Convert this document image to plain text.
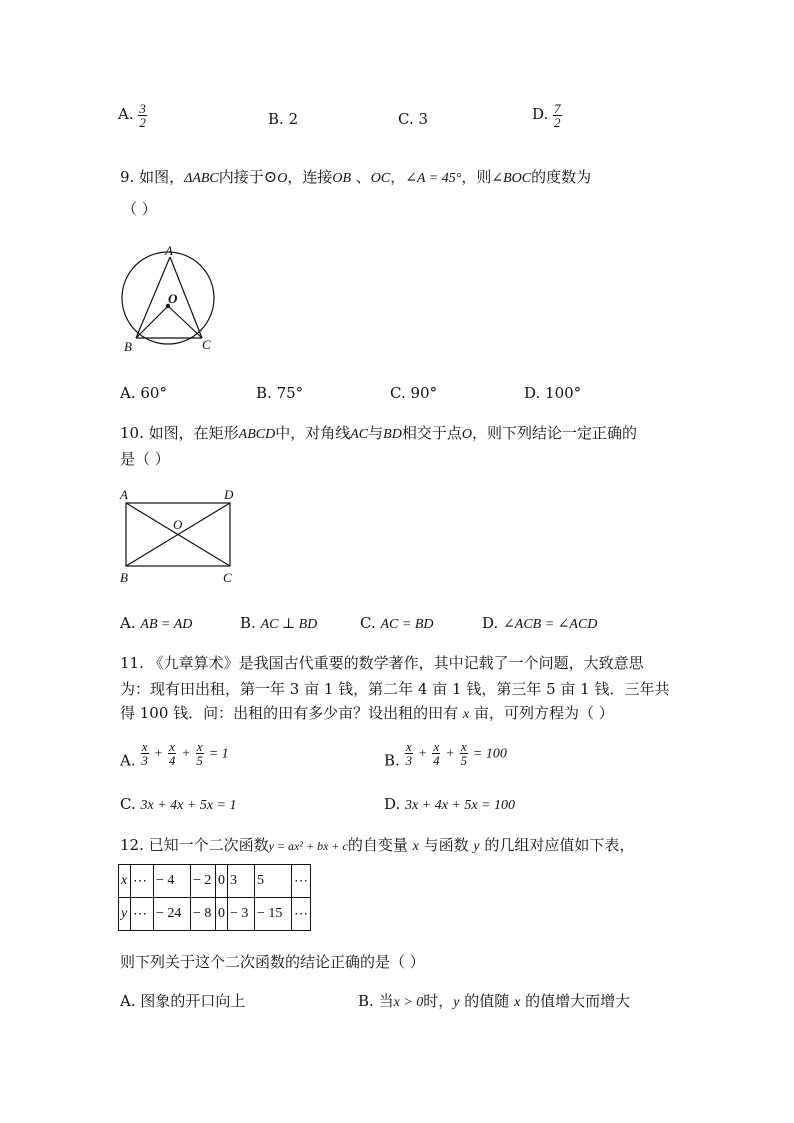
A. $\frac{3}{2}$	B. 2	C. 3	D. $\frac{7}{2}$
9. 如图，ΔABC内接于⊙O，连接OB 、OC，∠A = 45°，则∠BOC的度数为
（ ）
A
O
B	C
A. 60°	B. 75°	C. 90°	D. 100°
10. 如图，在矩形ABCD中，对角线AC与BD相交于点O，则下列结论一定正确的
是（ ）
A	D
O
B	C
A. AB = AD	B. AC ⊥ BD	C. AC = BD	D. ∠ACB = ∠ACD
11. 《九章算术》是我国古代重要的数学著作，其中记载了一个问题，大致意思
为：现有田出租，第一年 3 亩 1 钱，第二年 4 亩 1 钱，第三年 5 亩 1 钱．三年共
得 100 钱．问：出租的田有多少亩？设出租的田有 x 亩，可列方程为（ ）
A. $\frac{x}{3} + \frac{x}{4} + \frac{x}{5} = 1$	B. $\frac{x}{3} + \frac{x}{4} + \frac{x}{5} = 100$
C. 3x + 4x + 5x = 1	D. 3x + 4x + 5x = 100
12. 已知一个二次函数y = ax² + bx + c的自变量 x 与函数 y 的几组对应值如下表，
x	⋯	− 4	− 2	0	3	5	⋯
y	⋯	− 24	− 8	0	− 3	− 15	⋯
则下列关于这个二次函数的结论正确的是（ ）
A. 图象的开口向上	B. 当x > 0时，y 的值随 x 的值增大而增大
